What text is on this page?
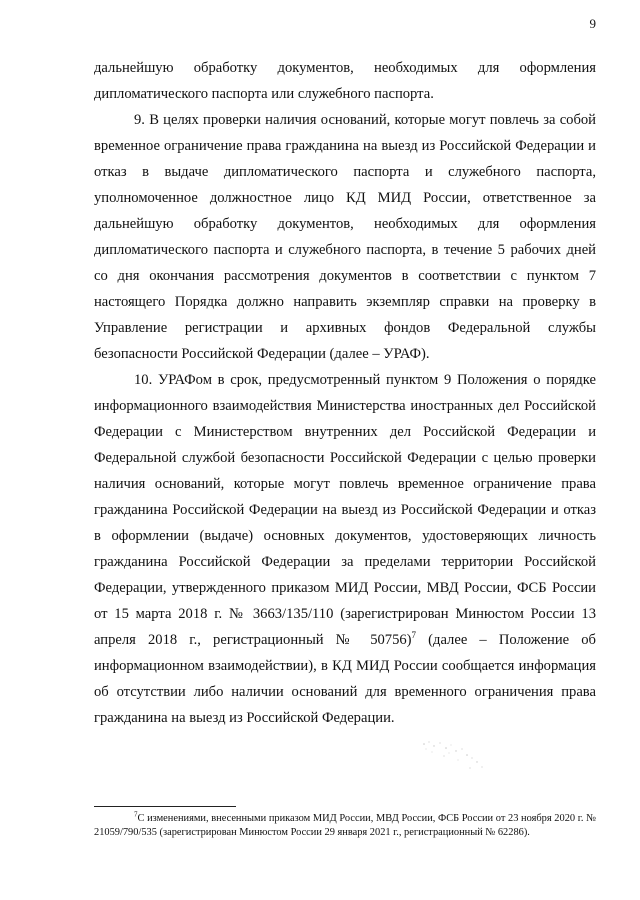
9

дальнейшую обработку документов, необходимых для оформления дипломатического паспорта или служебного паспорта.

9. В целях проверки наличия оснований, которые могут повлечь за собой временное ограничение права гражданина на выезд из Российской Федерации и отказ в выдаче дипломатического паспорта и служебного паспорта, уполномоченное должностное лицо КД МИД России, ответственное за дальнейшую обработку документов, необходимых для оформления дипломатического паспорта и служебного паспорта, в течение 5 рабочих дней со дня окончания рассмотрения документов в соответствии с пунктом 7 настоящего Порядка должно направить экземпляр справки на проверку в Управление регистрации и архивных фондов Федеральной службы безопасности Российской Федерации (далее – УРАФ).

10. УРАФом в срок, предусмотренный пунктом 9 Положения о порядке информационного взаимодействия Министерства иностранных дел Российской Федерации с Министерством внутренних дел Российской Федерации и Федеральной службой безопасности Российской Федерации с целью проверки наличия оснований, которые могут повлечь временное ограничение права гражданина Российской Федерации на выезд из Российской Федерации и отказ в оформлении (выдаче) основных документов, удостоверяющих личность гражданина Российской Федерации за пределами территории Российской Федерации, утвержденного приказом МИД России, МВД России, ФСБ России от 15 марта 2018 г. № 3663/135/110 (зарегистрирован Минюстом России 13 апреля 2018 г., регистрационный № 50756)$^7$ (далее – Положение об информационном взаимодействии), в КД МИД России сообщается информация об отсутствии либо наличии оснований для временного ограничения права гражданина на выезд из Российской Федерации.

$^7$С изменениями, внесенными приказом МИД России, МВД России, ФСБ России от 23 ноября 2020 г. № 21059/790/535 (зарегистрирован Минюстом России 29 января 2021 г., регистрационный № 62286).
